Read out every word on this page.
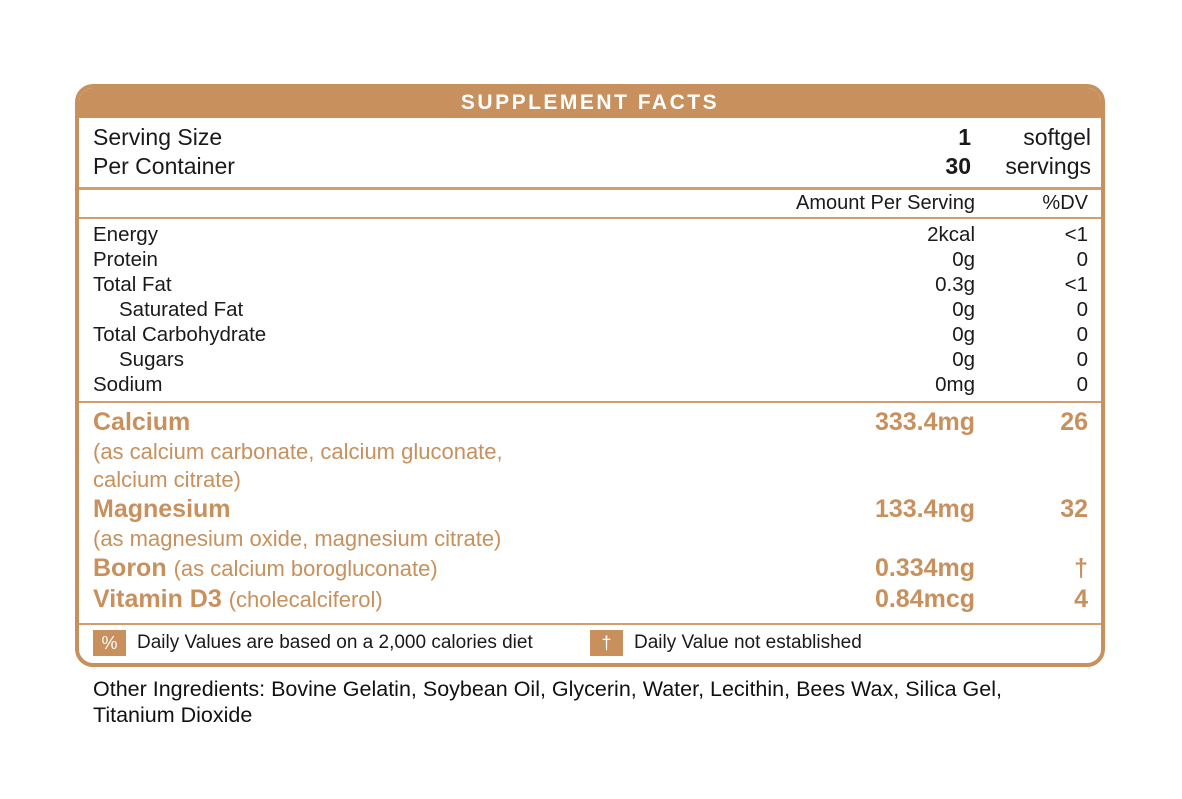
SUPPLEMENT FACTS
Serving Size	1	softgel
Per Container	30	servings
Amount Per Serving	%DV
Energy	2kcal	<1
Protein	0g	0
Total Fat	0.3g	<1
Saturated Fat	0g	0
Total Carbohydrate	0g	0
Sugars	0g	0
Sodium	0mg	0
Calcium	333.4mg	26
(as calcium carbonate, calcium gluconate,
calcium citrate)
Magnesium	133.4mg	32
(as magnesium oxide, magnesium citrate)
Boron (as calcium borogluconate)	0.334mg	†
Vitamin D3 (cholecalciferol)	0.84mcg	4
%	Daily Values are based on a 2,000 calories diet	†	Daily Value not established
Other Ingredients: Bovine Gelatin, Soybean Oil, Glycerin, Water, Lecithin, Bees Wax, Silica Gel, Titanium Dioxide
